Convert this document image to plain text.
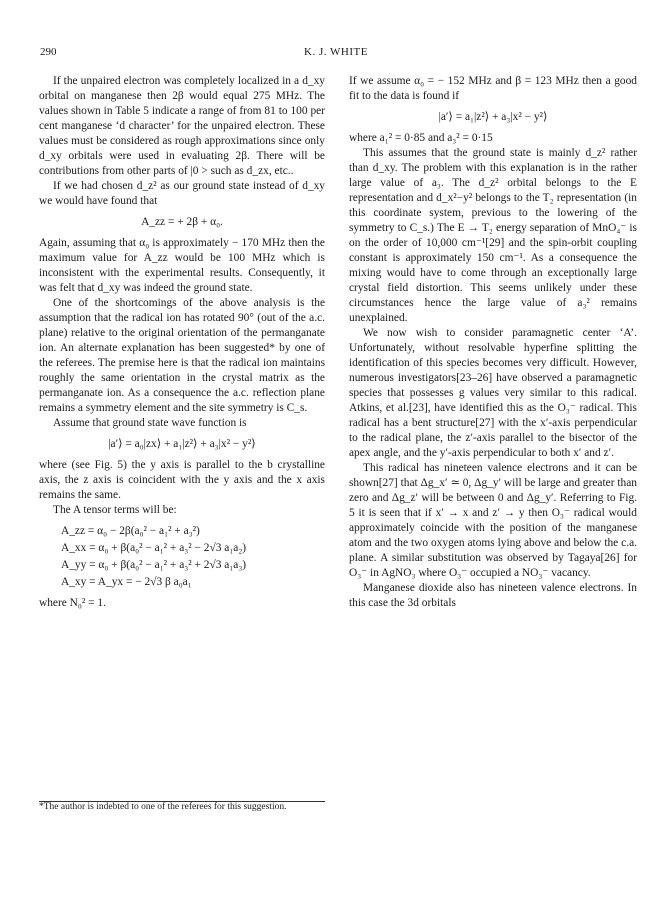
290	K. J. WHITE

If the unpaired electron was completely localized in a d_xy orbital on manganese then 2β would equal 275 MHz. The values shown in Table 5 indicate a range of from 81 to 100 per cent manganese ‘d character’ for the unpaired electron. These values must be considered as rough approximations since only d_xy orbitals were used in evaluating 2β. There will be contributions from other parts of |0 > such as d_zx, etc..

If we had chosen d_z² as our ground state instead of d_xy we would have found that

A_zz = + 2β + α₀.

Again, assuming that α₀ is approximately − 170 MHz then the maximum value for A_zz would be 100 MHz which is inconsistent with the experimental results. Consequently, it was felt that d_xy was indeed the ground state.

One of the shortcomings of the above analysis is the assumption that the radical ion has rotated 90° (out of the a.c. plane) relative to the original orientation of the permanganate ion. An alternate explanation has been suggested* by one of the referees. The premise here is that the radical ion maintains roughly the same orientation in the crystal matrix as the permanganate ion. As a consequence the a.c. reflection plane remains a symmetry element and the site symmetry is C_s.

Assume that ground state wave function is

|a′⟩ = a₀|zx⟩ + a₁|z²⟩ + a₃|x² − y²⟩

where (see Fig. 5) the y axis is parallel to the b crystalline axis, the z axis is coincident with the y axis and the x axis remains the same.

The A tensor terms will be:

A_zz = α₀ − 2β(a₀² − a₁² + a₃²)
A_xx = α₀ + β(a₀² − a₁² + a₃² − 2√3 a₁a₂)
A_yy = α₀ + β(a₀² − a₁² + a₃² + 2√3 a₁a₃)
A_xy = A_yx = − 2√3 β a₀a₁

where N₀² = 1.

*The author is indebted to one of the referees for this suggestion.

If we assume α₀ = − 152 MHz and β = 123 MHz then a good fit to the data is found if

|a′⟩ = a₁|z²⟩ + a₃|x² − y²⟩

where a₁² = 0·85 and a₃² = 0·15

This assumes that the ground state is mainly d_z² rather than d_xy. The problem with this explanation is in the rather large value of a₃. The d_z² orbital belongs to the E representation and d_x²−y² belongs to the T₂ representation (in this coordinate system, previous to the lowering of the symmetry to C_s.) The E → T₂ energy separation of MnO₄⁻ is on the order of 10,000 cm⁻¹[29] and the spin-orbit coupling constant is approximately 150 cm⁻¹. As a consequence the mixing would have to come through an exceptionally large crystal field distortion. This seems unlikely under these circumstances hence the large value of a₃² remains unexplained.

We now wish to consider paramagnetic center ‘A’. Unfortunately, without resolvable hyperfine splitting the identification of this species becomes very difficult. However, numerous investigators[23–26] have observed a paramagnetic species that possesses g values very similar to this radical. Atkins, et al.[23], have identified this as the O₃⁻ radical. This radical has a bent structure[27] with the x′-axis perpendicular to the radical plane, the z′-axis parallel to the bisector of the apex angle, and the y′-axis perpendicular to both x′ and z′.

This radical has nineteen valence electrons and it can be shown[27] that Δg_x′ ≃ 0, Δg_y′ will be large and greater than zero and Δg_z′ will be between 0 and Δg_y′. Referring to Fig. 5 it is seen that if x′ → x and z′ → y then O₃⁻ radical would approximately coincide with the position of the manganese atom and the two oxygen atoms lying above and below the c.a. plane. A similar substitution was observed by Tagaya[26] for O₃⁻ in AgNO₃ where O₃⁻ occupied a NO₃⁻ vacancy.

Manganese dioxide also has nineteen valence electrons. In this case the 3d orbitals
